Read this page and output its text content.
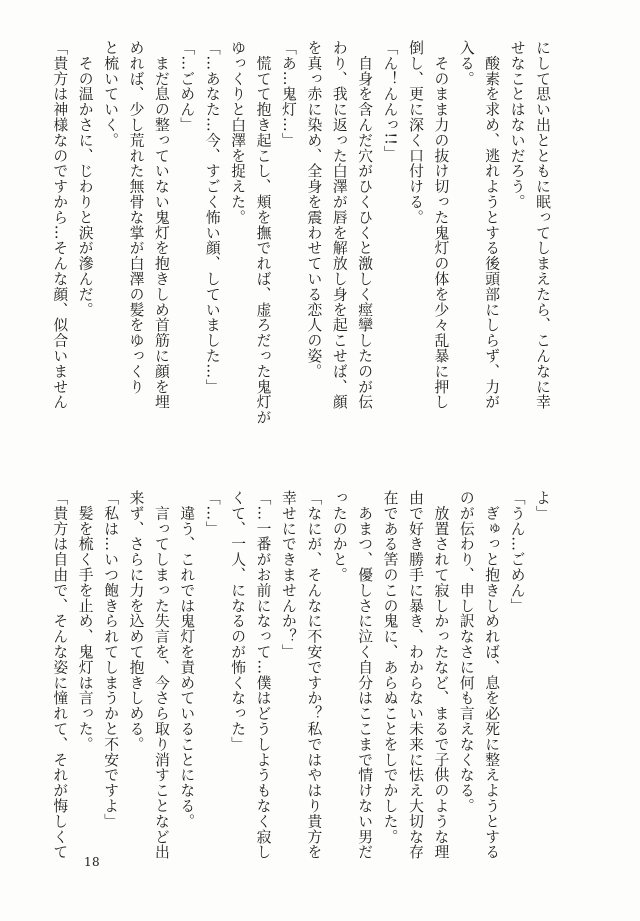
にして思い出とともに眠ってしまえたら、こんなに幸

せなことはないだろう。

　酸素を求め、逃れようとする後頭部にしらず、力が

入る。

　そのまま力の抜け切った鬼灯の体を少々乱暴に押し

倒し、更に深く口付ける。

「ん！んんっ!!」

　自身を含んだ穴がひくひくと激しく痙攣したのが伝

わり、我に返った白澤が唇を解放し身を起こせば、顔

を真っ赤に染め、全身を震わせている恋人の姿。

「あ…鬼灯…」

　慌てて抱き起こし、頬を撫でれば、虚ろだった鬼灯が

ゆっくりと白澤を捉えた。

「…あなた…今、すごく怖い顔、していました…」

「…ごめん」

　まだ息の整っていない鬼灯を抱きしめ首筋に顔を埋

めれば、少し荒れた無骨な掌が白澤の髪をゆっくり

と梳いていく。

　その温かさに、じわりと涙が滲んだ。

「貴方は神様なのですから…そんな顔、似合いません

よ」

「うん…ごめん」

　ぎゅっと抱きしめれば、息を必死に整えようとする

のが伝わり、申し訳なさに何も言えなくなる。

　放置されて寂しかったなど、まるで子供のような理

由で好き勝手に暴き、わからない未来に怯え大切な存

在である筈のこの鬼に、あらぬことをしでかした。

　あまつ、優しさに泣く自分はここまで情けない男だ

ったのかと。

「なにが、そんなに不安ですか？私ではやはり貴方を

幸せにできませんか？」

「…一番がお前になって…僕はどうしようもなく寂し

くて、一人、になるのが怖くなった」

「…」

　違う、これでは鬼灯を責めていることになる。

　言ってしまった失言を、今さら取り消すことなど出

来ず、さらに力を込めて抱きしめる。

「私は…いつ飽きられてしまうかと不安ですよ」

　髪を梳く手を止め、鬼灯は言った。

「貴方は自由で、そんな姿に憧れて、それが悔しくて

18
